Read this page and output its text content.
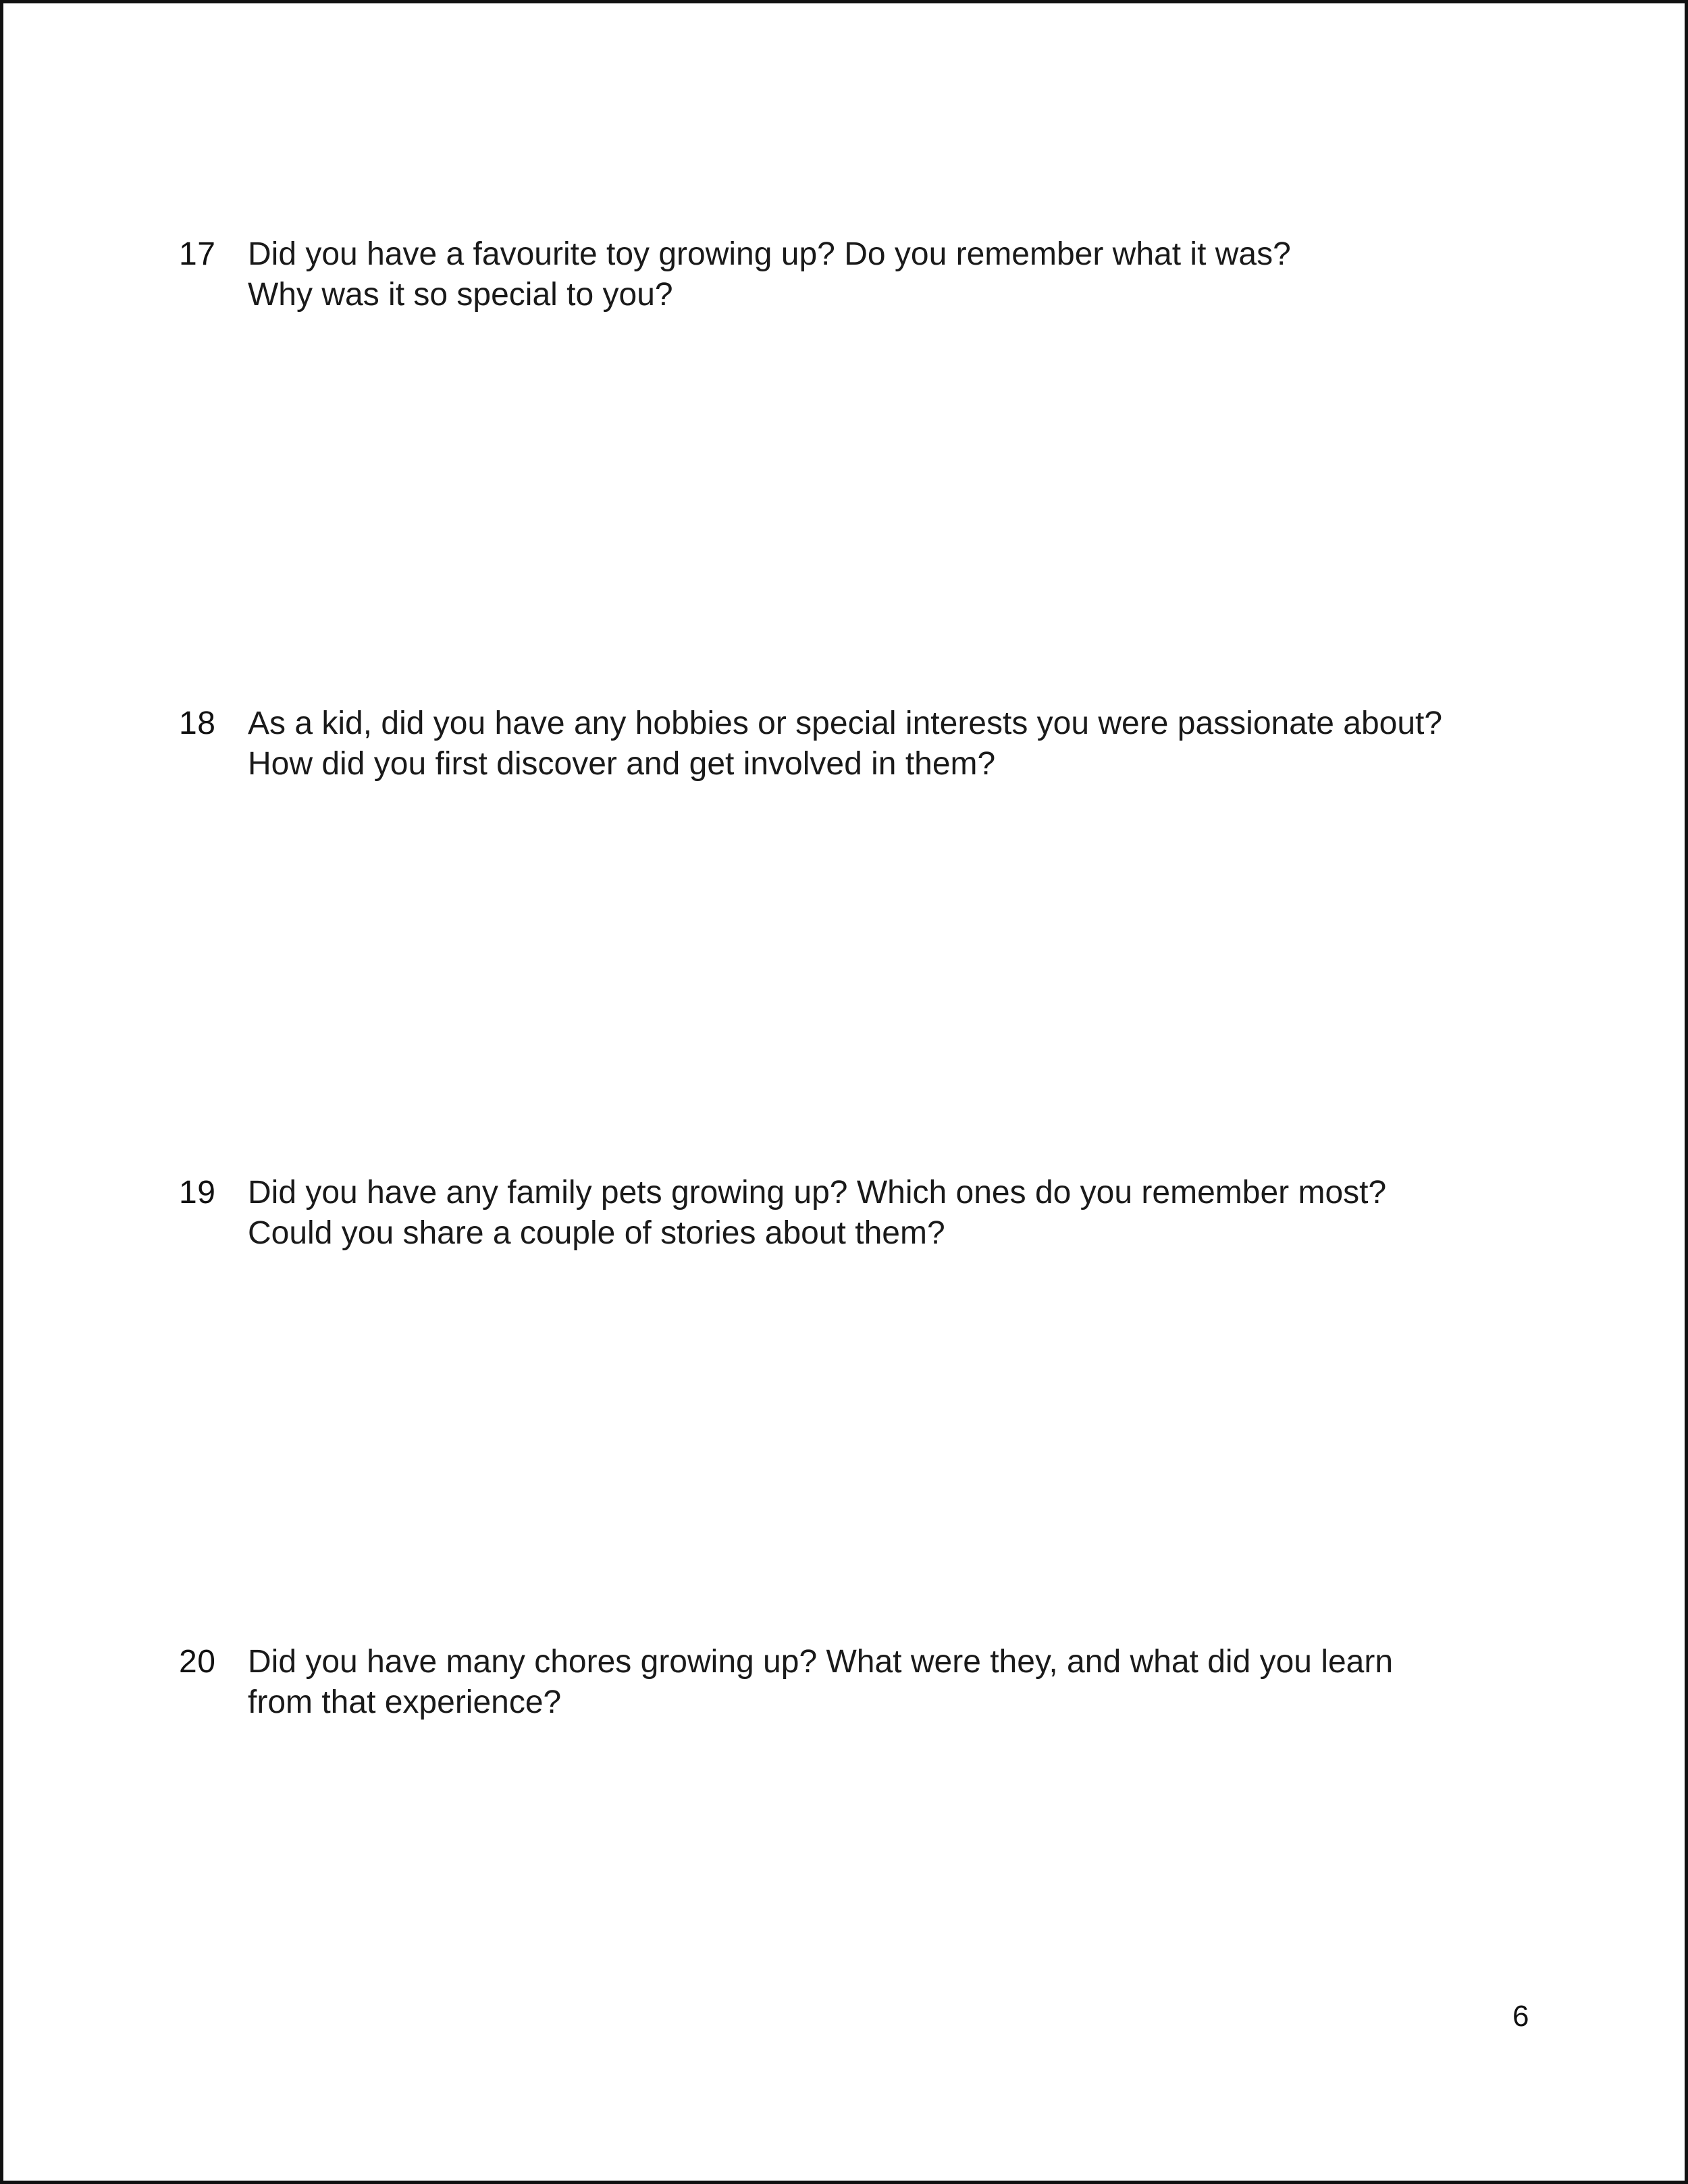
17 Did you have a favourite toy growing up? Do you remember what it was?
Why was it so special to you?
18 As a kid, did you have any hobbies or special interests you were passionate about?
How did you first discover and get involved in them?
19 Did you have any family pets growing up? Which ones do you remember most?
Could you share a couple of stories about them?
20 Did you have many chores growing up? What were they, and what did you learn
from that experience?
6
